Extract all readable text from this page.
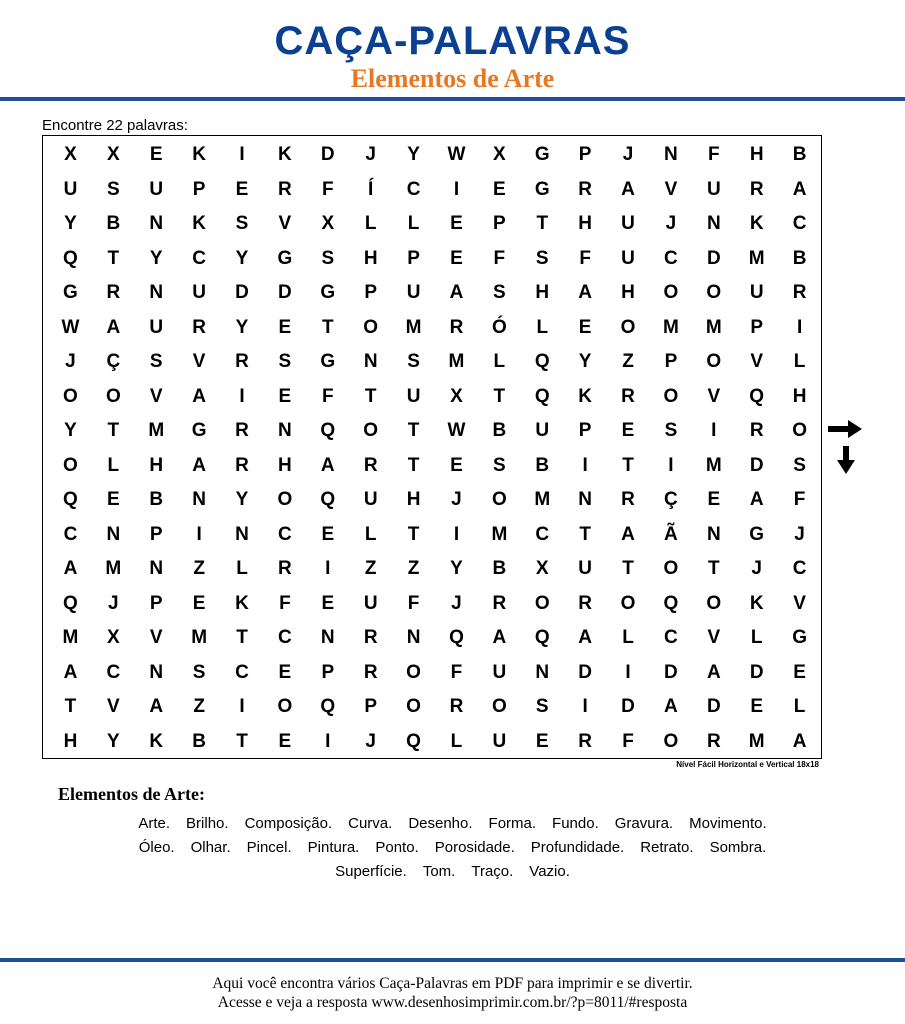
CAÇA-PALAVRAS
Elementos de Arte
Encontre 22 palavras:
X	X	E	K	I	K	D	J	Y	W	X	G	P	J	N	F	H	B
U	S	U	P	E	R	F	Í	C	I	E	G	R	A	V	U	R	A
Y	B	N	K	S	V	X	L	L	E	P	T	H	U	J	N	K	C
Q	T	Y	C	Y	G	S	H	P	E	F	S	F	U	C	D	M	B
G	R	N	U	D	D	G	P	U	A	S	H	A	H	O	O	U	R
W	A	U	R	Y	E	T	O	M	R	Ó	L	E	O	M	M	P	I
J	Ç	S	V	R	S	G	N	S	M	L	Q	Y	Z	P	O	V	L
O	O	V	A	I	E	F	T	U	X	T	Q	K	R	O	V	Q	H
Y	T	M	G	R	N	Q	O	T	W	B	U	P	E	S	I	R	O
O	L	H	A	R	H	A	R	T	E	S	B	I	T	I	M	D	S
Q	E	B	N	Y	O	Q	U	H	J	O	M	N	R	Ç	E	A	F
C	N	P	I	N	C	E	L	T	I	M	C	T	A	Ã	N	G	J
A	M	N	Z	L	R	I	Z	Z	Y	B	X	U	T	O	T	J	C
Q	J	P	E	K	F	E	U	F	J	R	O	R	O	Q	O	K	V
M	X	V	M	T	C	N	R	N	Q	A	Q	A	L	C	V	L	G
A	C	N	S	C	E	P	R	O	F	U	N	D	I	D	A	D	E
T	V	A	Z	I	O	Q	P	O	R	O	S	I	D	A	D	E	L
H	Y	K	B	T	E	I	J	Q	L	U	E	R	F	O	R	M	A
Nível Fácil Horizontal e Vertical 18x18
Elementos de Arte:
Arte. Brilho. Composição. Curva. Desenho. Forma. Fundo. Gravura. Movimento.
Óleo. Olhar. Pincel. Pintura. Ponto. Porosidade. Profundidade. Retrato. Sombra.
Superfície. Tom. Traço. Vazio.
Aqui você encontra vários Caça-Palavras em PDF para imprimir e se divertir.
Acesse e veja a resposta www.desenhosimprimir.com.br/?p=8011/#resposta
